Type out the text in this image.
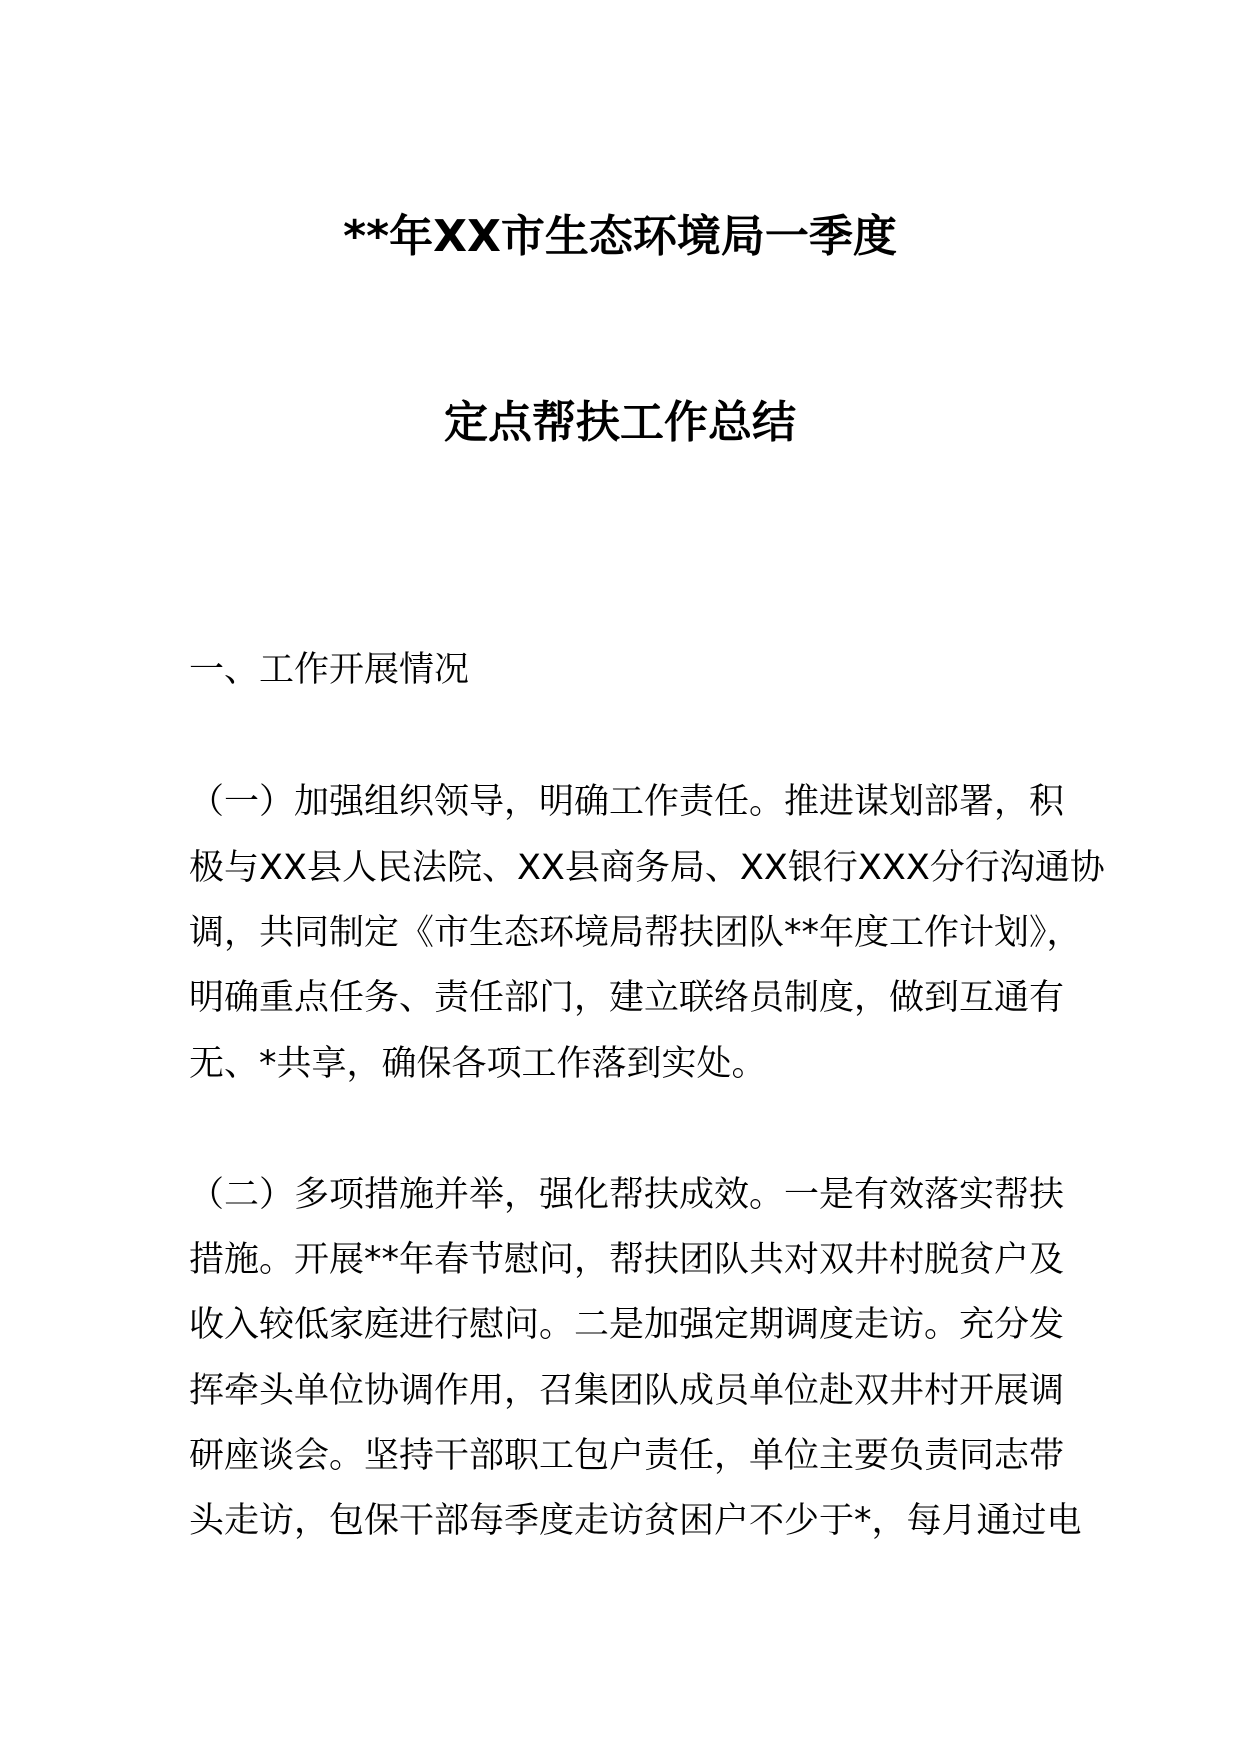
**年XX市生态环境局一季度
定点帮扶工作总结
一、工作开展情况
（一）加强组织领导，明确工作责任。推进谋划部署，积
极与XX县人民法院、XX县商务局、XX银行XXX分行沟通协
调，共同制定《市生态环境局帮扶团队**年度工作计划》，
明确重点任务、责任部门，建立联络员制度，做到互通有
无、*共享，确保各项工作落到实处。
（二）多项措施并举，强化帮扶成效。一是有效落实帮扶
措施。开展**年春节慰问，帮扶团队共对双井村脱贫户及
收入较低家庭进行慰问。二是加强定期调度走访。充分发
挥牵头单位协调作用，召集团队成员单位赴双井村开展调
研座谈会。坚持干部职工包户责任，单位主要负责同志带
头走访，包保干部每季度走访贫困户不少于*，每月通过电
